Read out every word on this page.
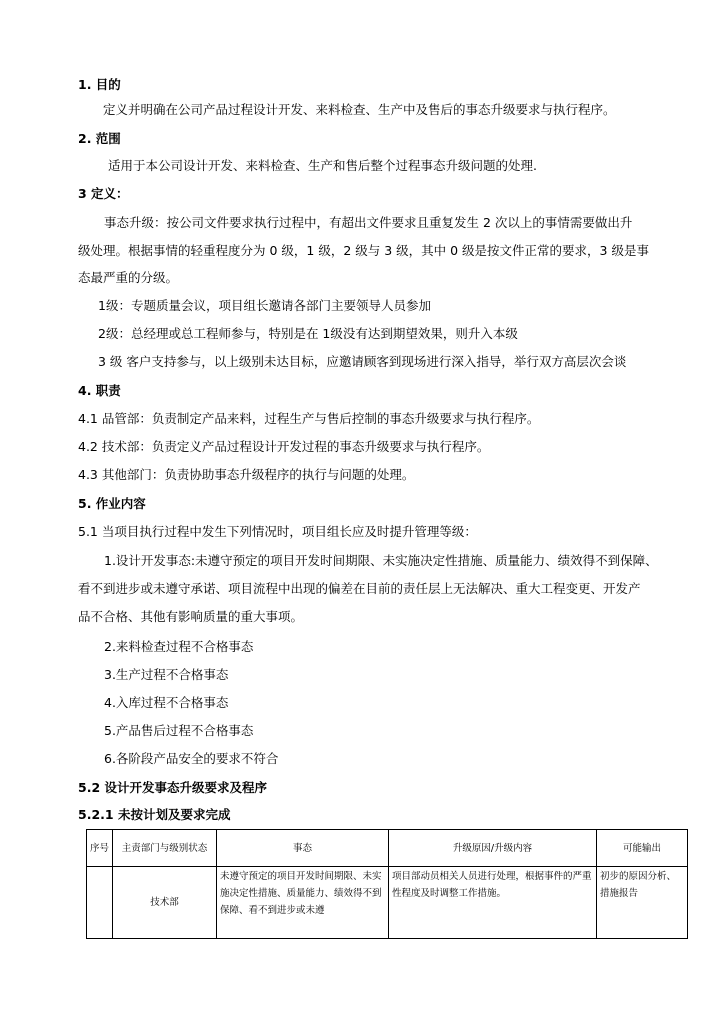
1. 目的
定义并明确在公司产品过程设计开发、来料检查、生产中及售后的事态升级要求与执行程序。
2. 范围
适用于本公司设计开发、来料检查、生产和售后整个过程事态升级问题的处理.
3 定义：
事态升级：按公司文件要求执行过程中，有超出文件要求且重复发生 2 次以上的事情需要做出升
级处理。根据事情的轻重程度分为 0 级，1 级，2 级与 3 级，其中 0 级是按文件正常的要求，3 级是事
态最严重的分级。
1级：专题质量会议，项目组长邀请各部门主要领导人员参加
2级：总经理或总工程师参与，特别是在 1级没有达到期望效果，则升入本级
3 级 客户支持参与，以上级别未达目标，应邀请顾客到现场进行深入指导，举行双方高层次会谈
4. 职责
4.1 品管部：负责制定产品来料，过程生产与售后控制的事态升级要求与执行程序。
4.2 技术部：负责定义产品过程设计开发过程的事态升级要求与执行程序。
4.3 其他部门：负责协助事态升级程序的执行与问题的处理。
5. 作业内容
5.1 当项目执行过程中发生下列情况时，项目组长应及时提升管理等级：
1.设计开发事态:未遵守预定的项目开发时间期限、未实施决定性措施、质量能力、绩效得不到保障、
看不到进步或未遵守承诺、项目流程中出现的偏差在目前的责任层上无法解决、重大工程变更、开发产
品不合格、其他有影响质量的重大事项。
2.来料检查过程不合格事态
3.生产过程不合格事态
4.入库过程不合格事态
5.产品售后过程不合格事态
6.各阶段产品安全的要求不符合
5.2 设计开发事态升级要求及程序
5.2.1 未按计划及要求完成
序号	主责部门与级别状态	事态	升级原因/升级内容	可能输出
	技术部	未遵守预定的项目开发时间期限、未实施决定性措施、质量能力、绩效得不到保障、看不到进步或未遵	项目部动员相关人员进行处理，根据事件的严重性程度及时调整工作措施。	初步的原因分析、措施报告
